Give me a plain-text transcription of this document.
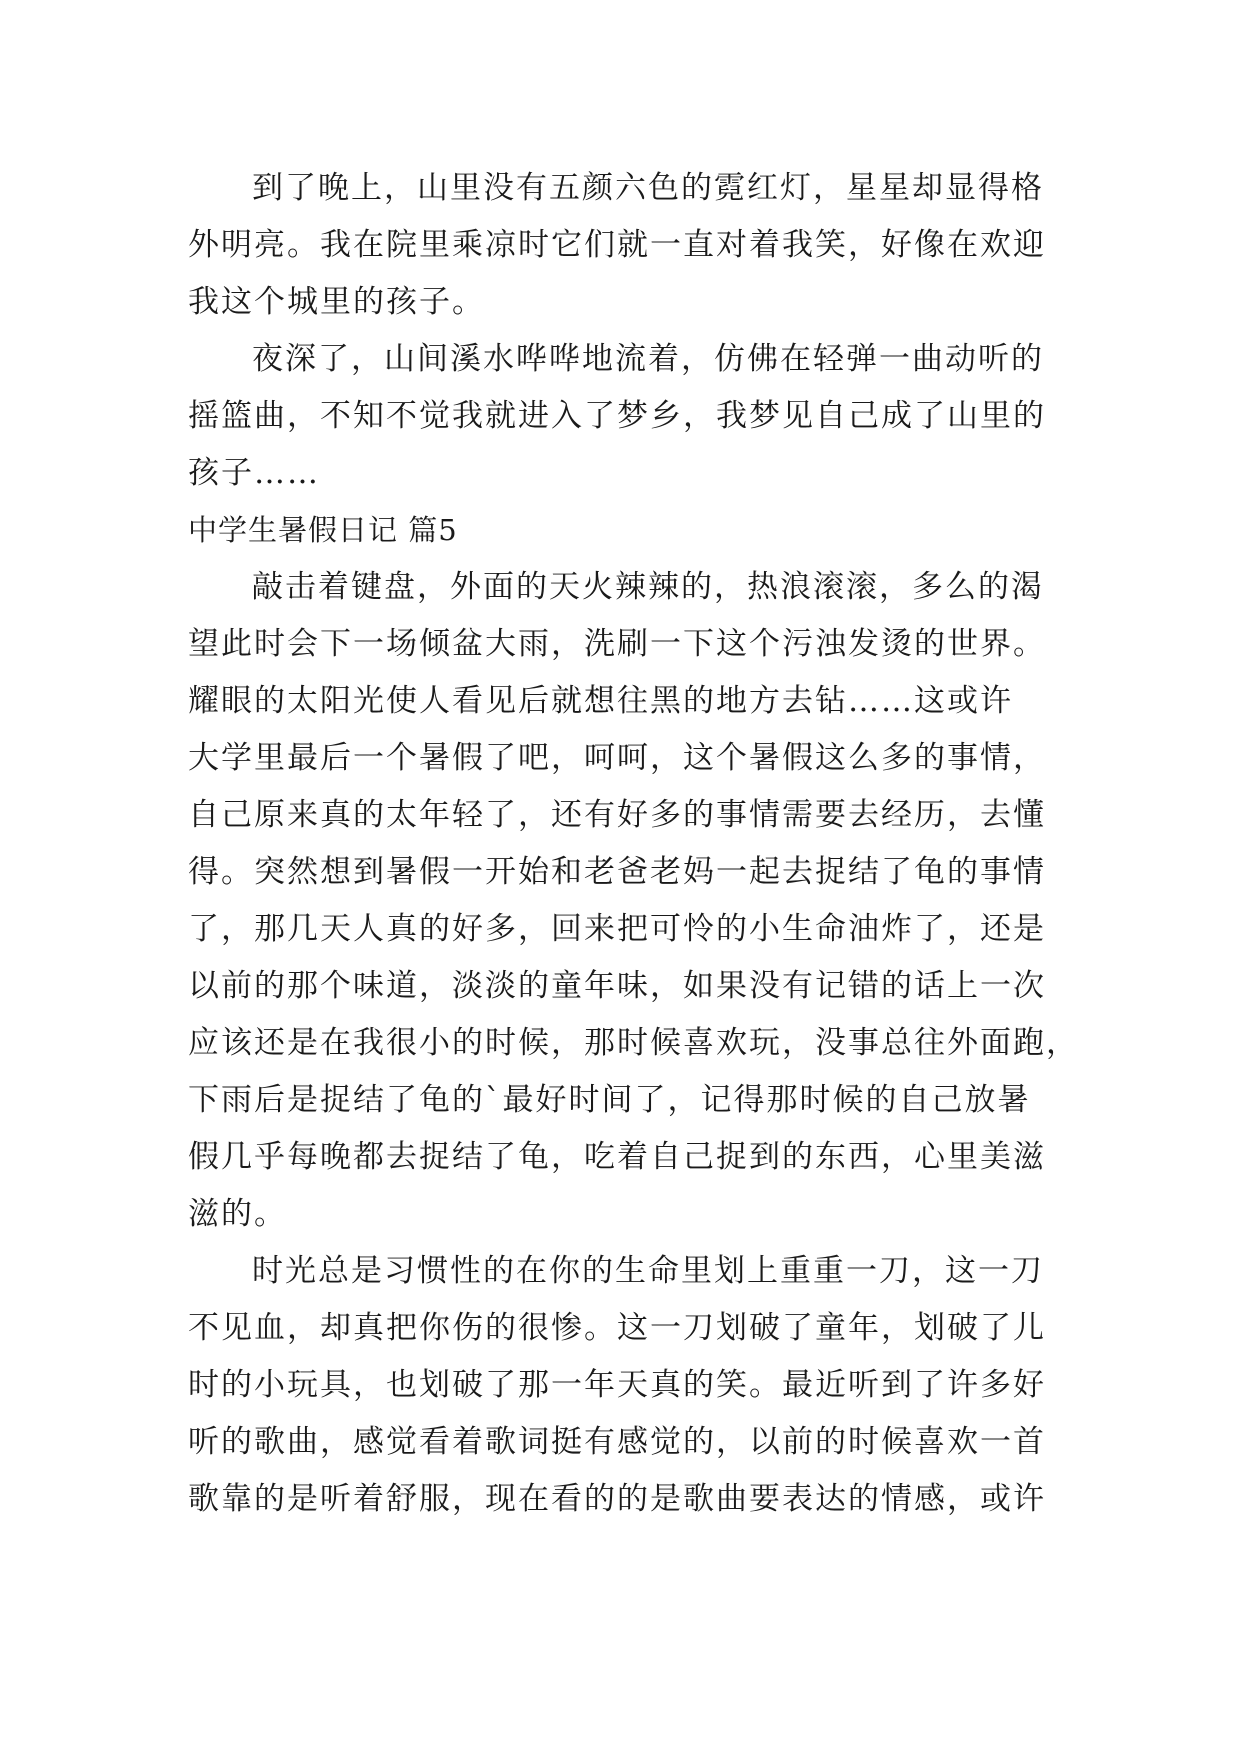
到了晚上，山里没有五颜六色的霓红灯，星星却显得格
外明亮。我在院里乘凉时它们就一直对着我笑，好像在欢迎
我这个城里的孩子。
夜深了，山间溪水哗哗地流着，仿佛在轻弹一曲动听的
摇篮曲，不知不觉我就进入了梦乡，我梦见自己成了山里的
孩子……
中学生暑假日记 篇5
敲击着键盘，外面的天火辣辣的，热浪滚滚，多么的渴
望此时会下一场倾盆大雨，洗刷一下这个污浊发烫的世界。
耀眼的太阳光使人看见后就想往黑的地方去钻……这或许
大学里最后一个暑假了吧，呵呵，这个暑假这么多的事情，
自己原来真的太年轻了，还有好多的事情需要去经历，去懂
得。突然想到暑假一开始和老爸老妈一起去捉结了龟的事情
了，那几天人真的好多，回来把可怜的小生命油炸了，还是
以前的那个味道，淡淡的童年味，如果没有记错的话上一次
应该还是在我很小的时候，那时候喜欢玩，没事总往外面跑，
下雨后是捉结了龟的`最好时间了，记得那时候的自己放暑
假几乎每晚都去捉结了龟，吃着自己捉到的东西，心里美滋
滋的。
时光总是习惯性的在你的生命里划上重重一刀，这一刀
不见血，却真把你伤的很惨。这一刀划破了童年，划破了儿
时的小玩具，也划破了那一年天真的笑。最近听到了许多好
听的歌曲，感觉看着歌词挺有感觉的，以前的时候喜欢一首
歌靠的是听着舒服，现在看的的是歌曲要表达的情感，或许
